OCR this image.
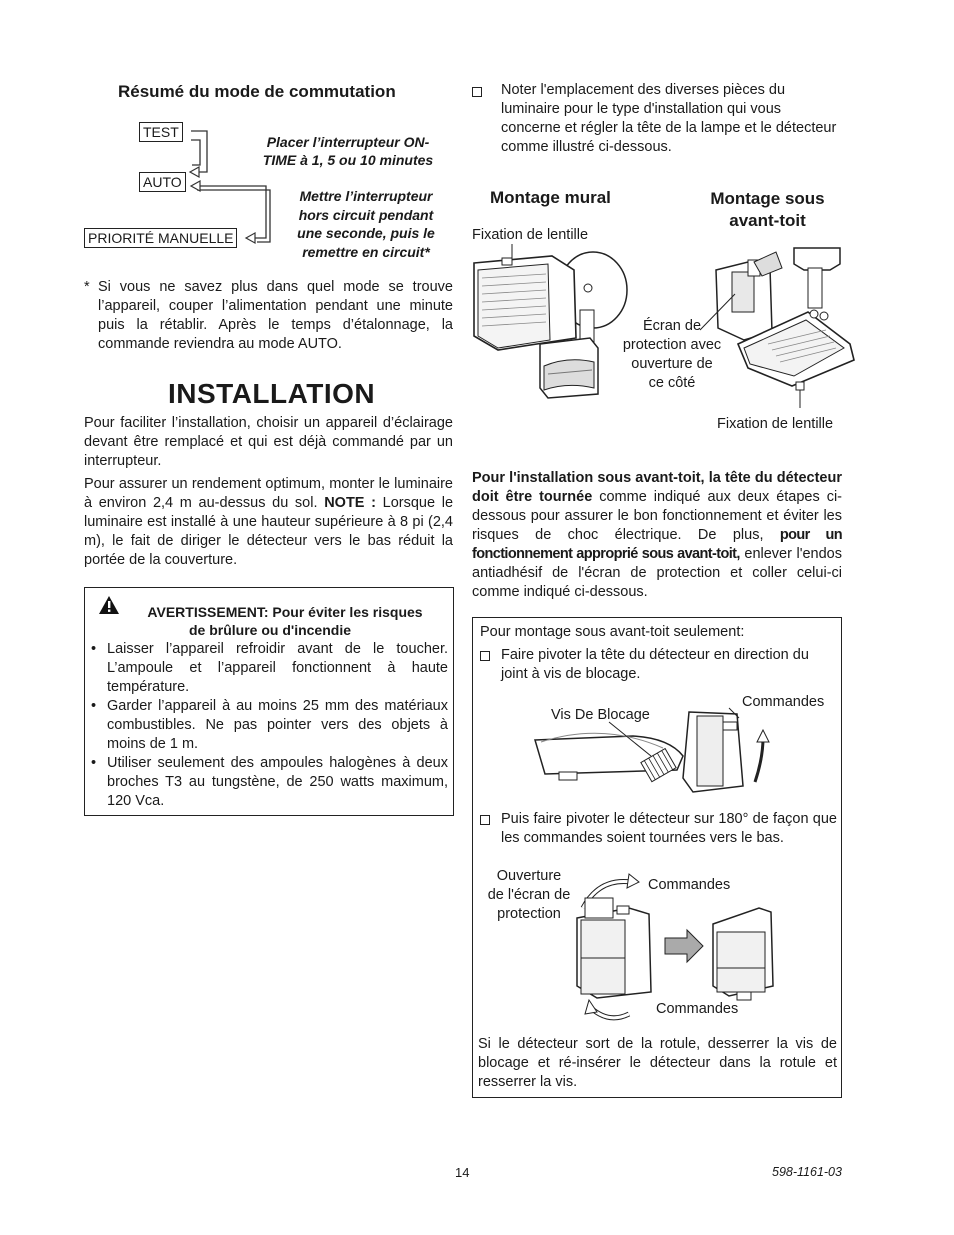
Résumé du mode de commutation
TEST
AUTO
PRIORITÉ MANUELLE
Placer l’interrupteur ON-
TIME à 1, 5 ou 10 minutes
Mettre l’interrupteur
hors circuit pendant
une seconde, puis le
remettre en circuit*
* Si vous ne savez plus dans quel mode se trouve l’appareil, couper l’alimentation pendant une minute puis la rétablir. Après le temps d’étalonnage, la commande reviendra au mode AUTO.
INSTALLATION
Pour faciliter l’installation, choisir un appareil d’éclairage devant être remplacé et qui est déjà commandé par un interrupteur.
Pour assurer un rendement optimum, monter le luminaire à environ 2,4 m au-dessus du sol. NOTE : Lorsque le luminaire est installé à une hauteur supérieure à 8 pi (2,4 m), le fait de diriger le détecteur vers le bas réduit la portée de la couverture.
AVERTISSEMENT: Pour éviter les risques
de brûlure ou d'incendie
• Laisser l’appareil refroidir avant de le toucher. L’ampoule et l’appareil fonctionnent à haute température.
• Garder l’appareil à au moins 25 mm des matériaux combustibles. Ne pas pointer vers des objets à moins de 1 m.
• Utiliser seulement des ampoules halogènes à deux broches T3 au tungstène, de 250 watts maximum, 120 Vca.
Noter l'emplacement des diverses pièces du luminaire pour le type d'installation qui vous concerne et régler la tête de la lampe et le détecteur comme illustré ci-dessous.
Montage mural	Montage sous
avant-toit
Fixation de lentille
Écran de
protection avec
ouverture de
ce côté
Fixation de lentille
Pour l'installation sous avant-toit, la tête du détecteur doit être tournée comme indiqué aux deux étapes ci-dessous pour assurer le bon fonctionnement et éviter les risques de choc électrique. De plus, pour un fonctionnement approprié sous avant-toit, enlever l'endos antiadhésif de l'écran de protection et coller celui-ci comme indiqué ci-dessous.
Pour montage sous avant-toit seulement:
Faire pivoter la tête du détecteur en direction du joint à vis de blocage.
Commandes
Vis De Blocage
Puis faire pivoter le détecteur sur 180° de façon que les commandes soient tournées vers le bas.
Ouverture
de l'écran de
protection
Commandes
Commandes
Si le détecteur sort de la rotule, desserrer la vis de blocage et ré-insérer le détecteur dans la rotule et resserrer la vis.
14	598-1161-03
